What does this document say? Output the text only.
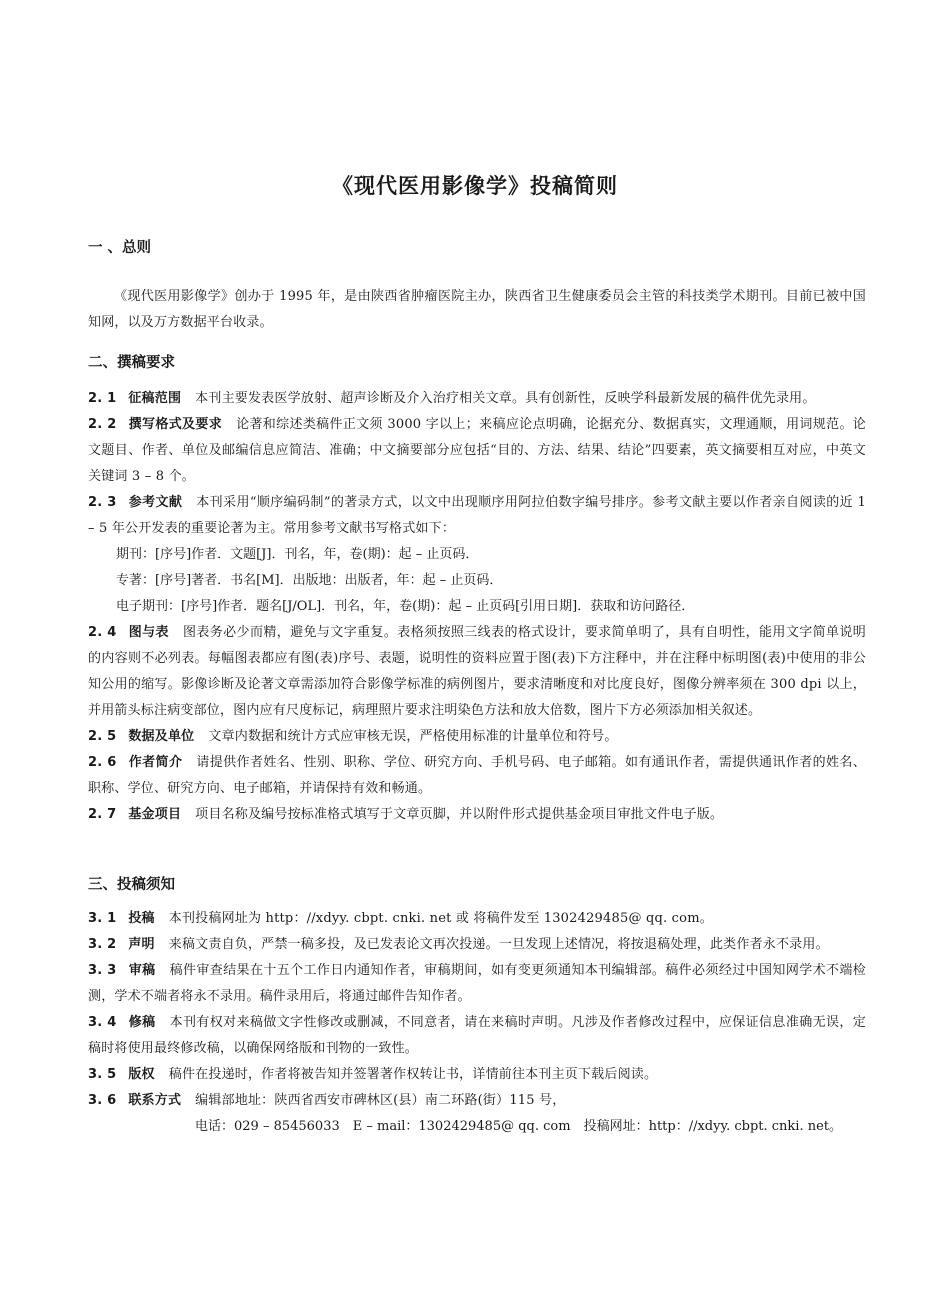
《现代医用影像学》投稿简则
一 、总则

《现代医用影像学》创办于 1995 年，是由陕西省肿瘤医院主办，陕西省卫生健康委员会主管的科技类学术期刊。目前已被中国知网，以及万方数据平台收录。

二、撰稿要求

2. 1 征稿范围 本刊主要发表医学放射、超声诊断及介入治疗相关文章。具有创新性，反映学科最新发展的稿件优先录用。

2. 2 撰写格式及要求 论著和综述类稿件正文须 3000 字以上；来稿应论点明确，论据充分、数据真实，文理通顺，用词规范。论文题目、作者、单位及邮编信息应简洁、准确；中文摘要部分应包括“目的、方法、结果、结论”四要素，英文摘要相互对应，中英文关键词 3 – 8 个。

2. 3 参考文献 本刊采用“顺序编码制”的著录方式，以文中出现顺序用阿拉伯数字编号排序。参考文献主要以作者亲自阅读的近 1 – 5 年公开发表的重要论著为主。常用参考文献书写格式如下：

期刊：[序号]作者．文题[J]．刊名，年，卷(期)：起 – 止页码．

专著：[序号]著者．书名[M]．出版地：出版者，年：起 – 止页码．

电子期刊：[序号]作者．题名[J/OL]．刊名，年，卷(期)：起 – 止页码[引用日期]．获取和访问路径．

2. 4 图与表 图表务必少而精，避免与文字重复。表格须按照三线表的格式设计，要求简单明了，具有自明性，能用文字简单说明的内容则不必列表。每幅图表都应有图(表)序号、表题，说明性的资料应置于图(表)下方注释中，并在注释中标明图(表)中使用的非公知公用的缩写。影像诊断及论著文章需添加符合影像学标准的病例图片，要求清晰度和对比度良好，图像分辨率须在 300 dpi 以上，并用箭头标注病变部位，图内应有尺度标记，病理照片要求注明染色方法和放大倍数，图片下方必须添加相关叙述。

2. 5 数据及单位 文章内数据和统计方式应审核无误，严格使用标准的计量单位和符号。

2. 6 作者简介 请提供作者姓名、性别、职称、学位、研究方向、手机号码、电子邮箱。如有通讯作者，需提供通讯作者的姓名、职称、学位、研究方向、电子邮箱，并请保持有效和畅通。

2. 7 基金项目 项目名称及编号按标准格式填写于文章页脚，并以附件形式提供基金项目审批文件电子版。

三、投稿须知

3. 1 投稿 本刊投稿网址为 http：//xdyy. cbpt. cnki. net 或 将稿件发至 1302429485@ qq. com。

3. 2 声明 来稿文责自负，严禁一稿多投，及已发表论文再次投递。一旦发现上述情况，将按退稿处理，此类作者永不录用。

3. 3 审稿 稿件审查结果在十五个工作日内通知作者，审稿期间，如有变更须通知本刊编辑部。稿件必须经过中国知网学术不端检测，学术不端者将永不录用。稿件录用后，将通过邮件告知作者。

3. 4 修稿 本刊有权对来稿做文字性修改或删减，不同意者，请在来稿时声明。凡涉及作者修改过程中，应保证信息准确无误，定稿时将使用最终修改稿，以确保网络版和刊物的一致性。

3. 5 版权 稿件在投递时，作者将被告知并签署著作权转让书，详情前往本刊主页下载后阅读。

3. 6 联系方式 编辑部地址：陕西省西安市碑林区(县）南二环路(街）115 号，

电话：029 – 85456033　E – mail：1302429485@ qq. com　投稿网址：http：//xdyy. cbpt. cnki. net。
